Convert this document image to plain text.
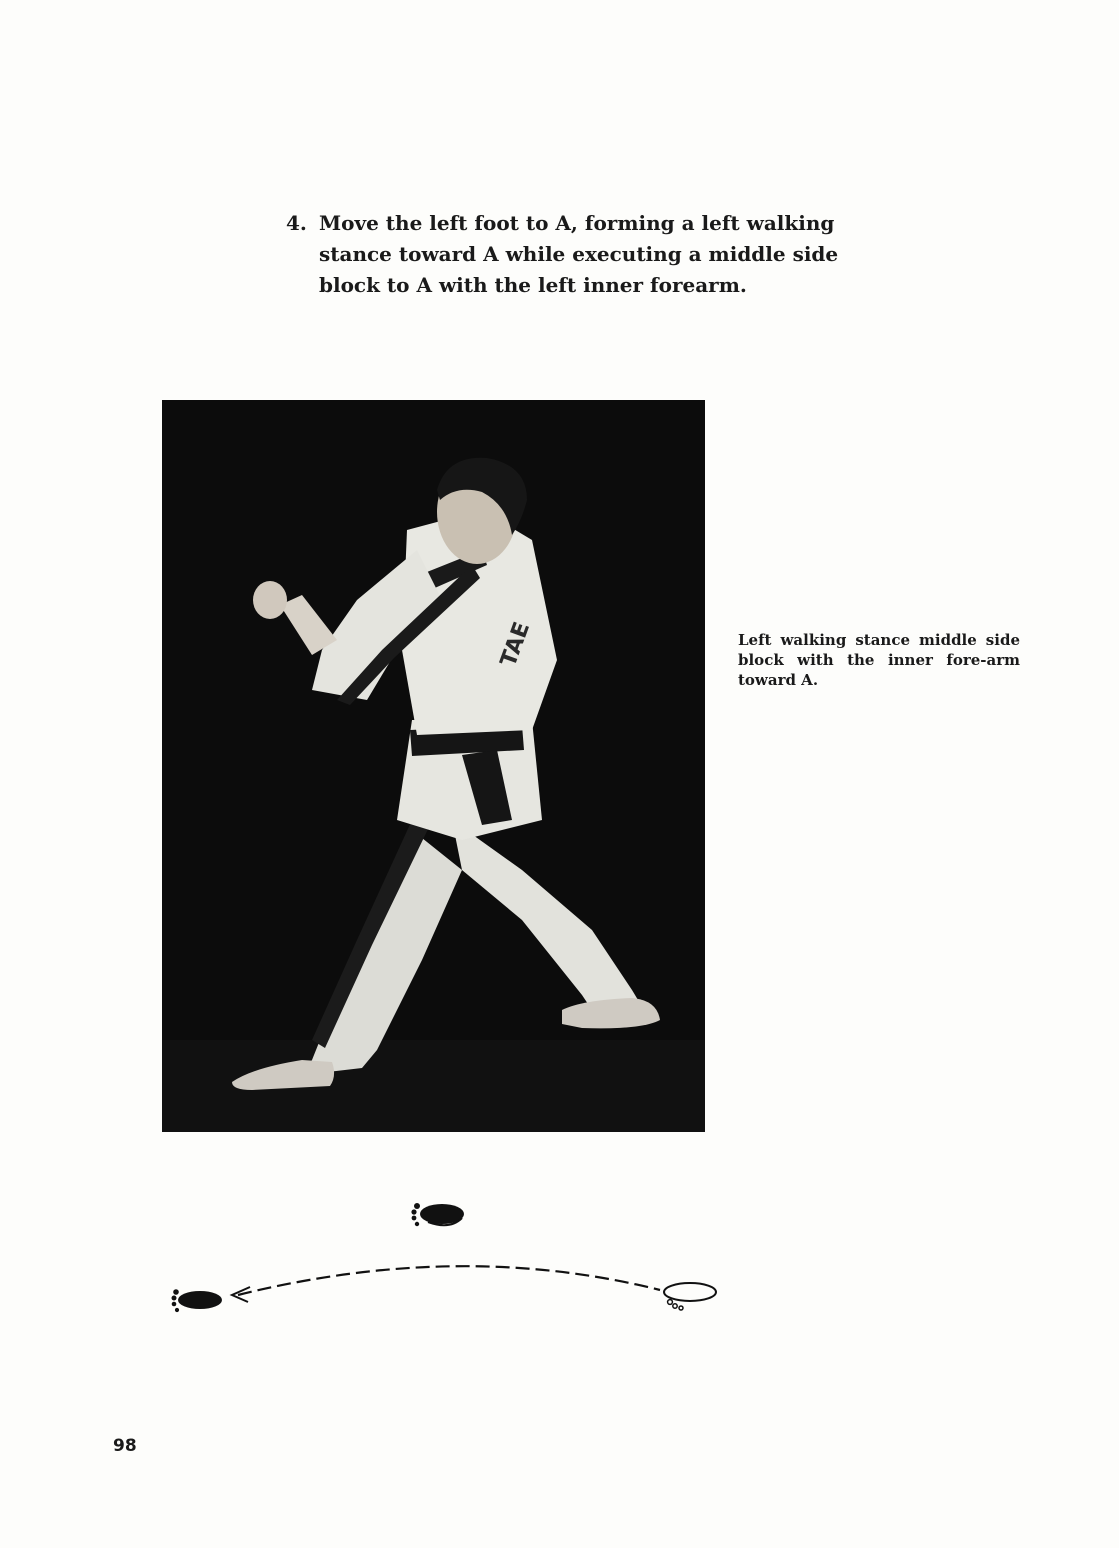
4. Move the left foot to A, forming a left walking stance toward A while executing a middle side block to A with the left inner forearm.
TAE	Left walking stance middle side block with the inner fore-arm toward A.
98
